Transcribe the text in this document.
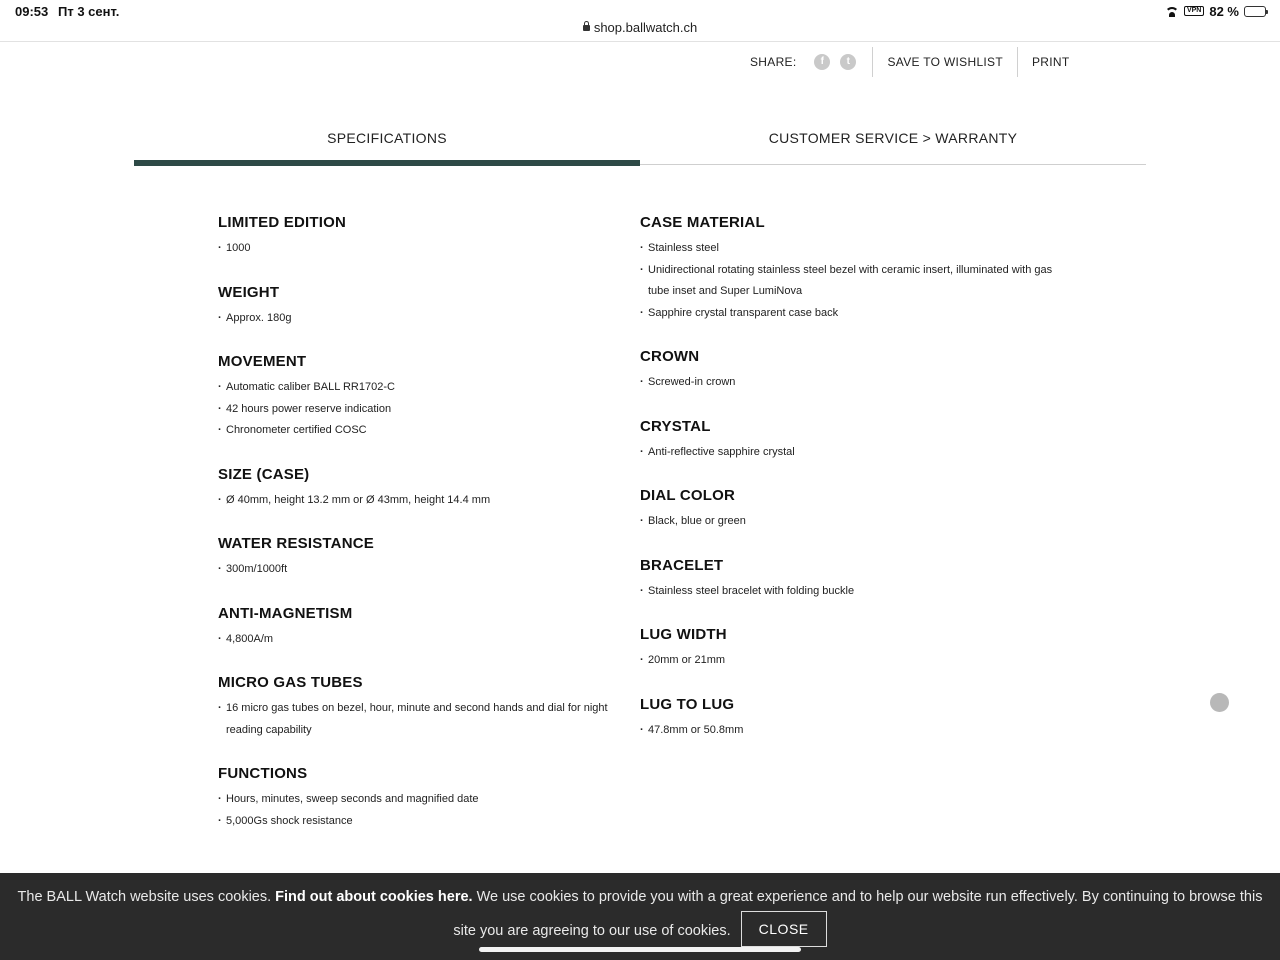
09:53 Пт 3 сент.
shop.ballwatch.ch
VPN 82 %
SHARE:	f	t	SAVE TO WISHLIST PRINT
SPECIFICATIONS	CUSTOMER SERVICE > WARRANTY
LIMITED EDITION
· 1000
WEIGHT
· Approx. 180g
MOVEMENT
· Automatic caliber BALL RR1702-C
· 42 hours power reserve indication
· Chronometer certified COSC
SIZE (CASE)
· Ø 40mm, height 13.2 mm or Ø 43mm, height 14.4 mm
WATER RESISTANCE
· 300m/1000ft
ANTI-MAGNETISM
· 4,800A/m
MICRO GAS TUBES
· 16 micro gas tubes on bezel, hour, minute and second hands and dial for night reading capability
FUNCTIONS
· Hours, minutes, sweep seconds and magnified date
· 5,000Gs shock resistance
CASE MATERIAL
· Stainless steel
· Unidirectional rotating stainless steel bezel with ceramic insert, illuminated with gas tube inset and Super LumiNova
· Sapphire crystal transparent case back
CROWN
· Screwed-in crown
CRYSTAL
· Anti-reflective sapphire crystal
DIAL COLOR
· Black, blue or green
BRACELET
· Stainless steel bracelet with folding buckle
LUG WIDTH
· 20mm or 21mm
LUG TO LUG
· 47.8mm or 50.8mm
The BALL Watch website uses cookies. Find out about cookies here. We use cookies to provide you with a great experience and to help our website run effectively. By continuing to browse this site you are agreeing to our use of cookies. CLOSE
